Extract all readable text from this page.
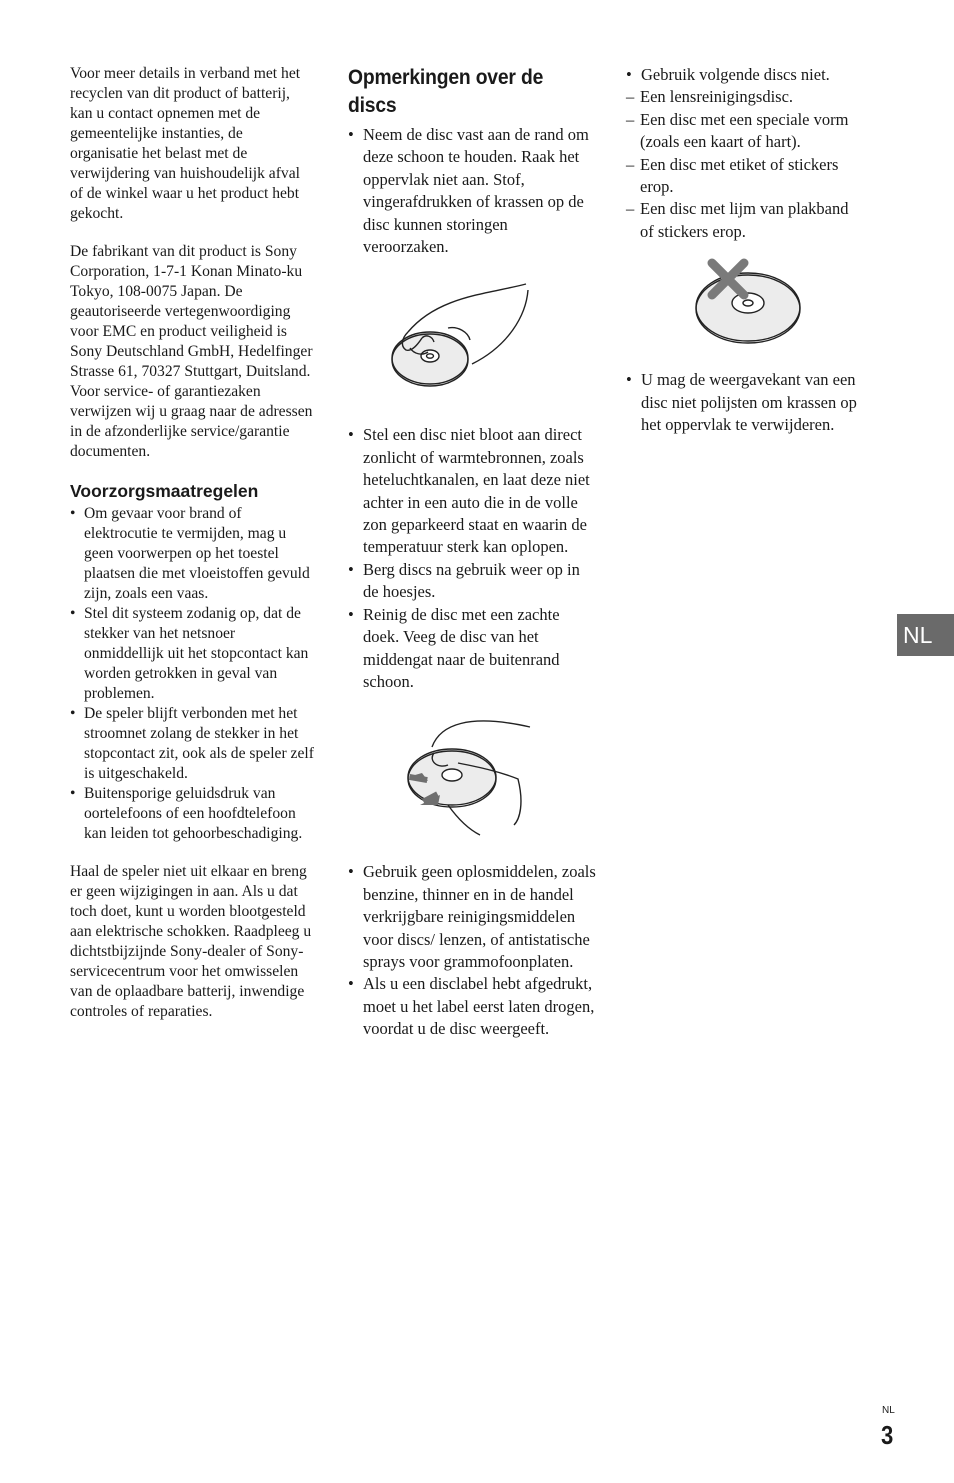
Voor meer details in verband met het recyclen van dit product of batterij, kan u contact opnemen met de gemeentelijke instanties, de organisatie het belast met de verwijdering van huishoudelijk afval of de winkel waar u het product hebt gekocht.

De fabrikant van dit product is Sony Corporation, 1-7-1 Konan Minato-ku Tokyo, 108-0075 Japan. De geautoriseerde vertegenwoordiging voor EMC en product veiligheid is Sony Deutschland GmbH, Hedelfinger Strasse 61, 70327 Stuttgart, Duitsland. Voor service- of garantiezaken verwijzen wij u graag naar de adressen in de afzonderlijke service/garantie documenten.

Voorzorgsmaatregelen
• Om gevaar voor brand of elektrocutie te vermijden, mag u geen voorwerpen op het toestel plaatsen die met vloeistoffen gevuld zijn, zoals een vaas.
• Stel dit systeem zodanig op, dat de stekker van het netsnoer onmiddellijk uit het stopcontact kan worden getrokken in geval van problemen.
• De speler blijft verbonden met het stroomnet zolang de stekker in het stopcontact zit, ook als de speler zelf is uitgeschakeld.
• Buitensporige geluidsdruk van oortelefoons of een hoofdtelefoon kan leiden tot gehoorbeschadiging.

Haal de speler niet uit elkaar en breng er geen wijzigingen in aan. Als u dat toch doet, kunt u worden blootgesteld aan elektrische schokken. Raadpleeg u dichtstbijzijnde Sony-dealer of Sony-servicecentrum voor het omwisselen van de oplaadbare batterij, inwendige controles of reparaties.

Opmerkingen over de discs
• Neem de disc vast aan de rand om deze schoon te houden. Raak het oppervlak niet aan. Stof, vingerafdrukken of krassen op de disc kunnen storingen veroorzaken.
• Stel een disc niet bloot aan direct zonlicht of warmtebronnen, zoals heteluchtkanalen, en laat deze niet achter in een auto die in de volle zon geparkeerd staat en waarin de temperatuur sterk kan oplopen.
• Berg discs na gebruik weer op in de hoesjes.
• Reinig de disc met een zachte doek. Veeg de disc van het middengat naar de buitenrand schoon.
• Gebruik geen oplosmiddelen, zoals benzine, thinner en in de handel verkrijgbare reinigingsmiddelen voor discs/ lenzen, of antistatische sprays voor grammofoonplaten.
• Als u een disclabel hebt afgedrukt, moet u het label eerst laten drogen, voordat u de disc weergeeft.
• Gebruik volgende discs niet.
– Een lensreinigingsdisc.
– Een disc met een speciale vorm (zoals een kaart of hart).
– Een disc met etiket of stickers erop.
– Een disc met lijm van plakband of stickers erop.
• U mag de weergavekant van een disc niet polijsten om krassen op het oppervlak te verwijderen.
NL
NL
3
